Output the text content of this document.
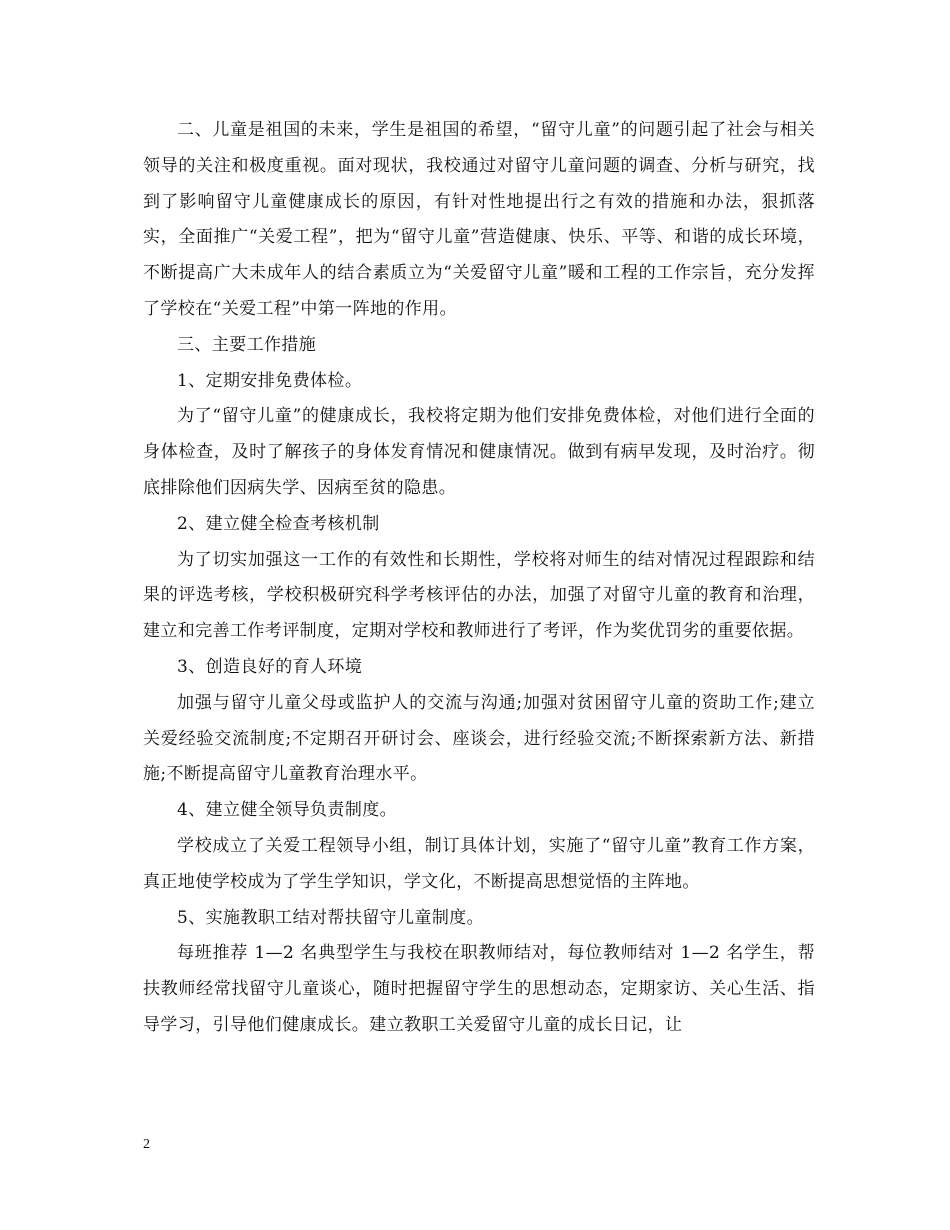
二、儿童是祖国的未来，学生是祖国的希望，“留守儿童”的问题引起了社会与相关领导的关注和极度重视。面对现状，我校通过对留守儿童问题的调查、分析与研究，找到了影响留守儿童健康成长的原因，有针对性地提出行之有效的措施和办法，狠抓落实，全面推广“关爱工程”，把为“留守儿童”营造健康、快乐、平等、和谐的成长环境，不断提高广大未成年人的结合素质立为“关爱留守儿童”暖和工程的工作宗旨，充分发挥了学校在“关爱工程”中第一阵地的作用。

三、主要工作措施

1、定期安排免费体检。

为了“留守儿童”的健康成长，我校将定期为他们安排免费体检，对他们进行全面的身体检查，及时了解孩子的身体发育情况和健康情况。做到有病早发现，及时治疗。彻底排除他们因病失学、因病至贫的隐患。

2、建立健全检查考核机制

为了切实加强这一工作的有效性和长期性，学校将对师生的结对情况过程跟踪和结果的评选考核，学校积极研究科学考核评估的办法，加强了对留守儿童的教育和治理，建立和完善工作考评制度，定期对学校和教师进行了考评，作为奖优罚劣的重要依据。

3、创造良好的育人环境

加强与留守儿童父母或监护人的交流与沟通;加强对贫困留守儿童的资助工作;建立关爱经验交流制度;不定期召开研讨会、座谈会，进行经验交流;不断探索新方法、新措施;不断提高留守儿童教育治理水平。

4、建立健全领导负责制度。

学校成立了关爱工程领导小组，制订具体计划，实施了“留守儿童”教育工作方案，真正地使学校成为了学生学知识，学文化，不断提高思想觉悟的主阵地。

5、实施教职工结对帮扶留守儿童制度。

每班推荐 1—2 名典型学生与我校在职教师结对，每位教师结对 1—2 名学生，帮扶教师经常找留守儿童谈心，随时把握留守学生的思想动态，定期家访、关心生活、指导学习，引导他们健康成长。建立教职工关爱留守儿童的成长日记，让

2
